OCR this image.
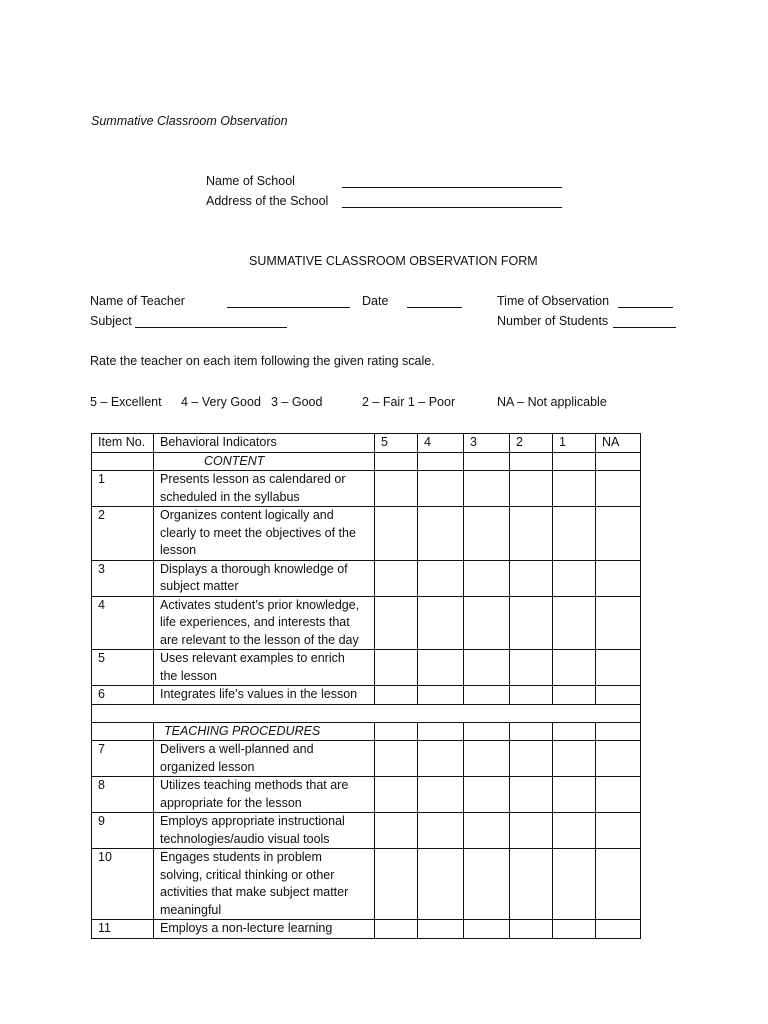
Summative Classroom Observation
Name of School
Address of the School
SUMMATIVE CLASSROOM OBSERVATION FORM
Name of Teacher	Date	Time of Observation
Subject	Number of Students
Rate the teacher on each item following the given rating scale.
5 – Excellent 4 – Very Good 3 – Good	2 – Fair 1 – Poor	NA – Not applicable
Item No.	Behavioral Indicators	5	4	3	2	1	NA
	CONTENT						
1	Presents lesson as calendared or
scheduled in the syllabus						

2	Organizes content logically and
clearly to meet the objectives of the
lesson						

3	Displays a thorough knowledge of
subject matter						

4	Activates student’s prior knowledge,
life experiences, and interests that
are relevant to the lesson of the day						

5	Uses relevant examples to enrich
the lesson						

6	Integrates life’s values in the lesson						

	TEACHING PROCEDURES						
7	Delivers a well-planned and
organized lesson						

8	Utilizes teaching methods that are
appropriate for the lesson						

9	Employs appropriate instructional
technologies/audio visual tools						

10	Engages students in problem
solving, critical thinking or other
activities that make subject matter
meaningful						

11	Employs a non-lecture learning						
